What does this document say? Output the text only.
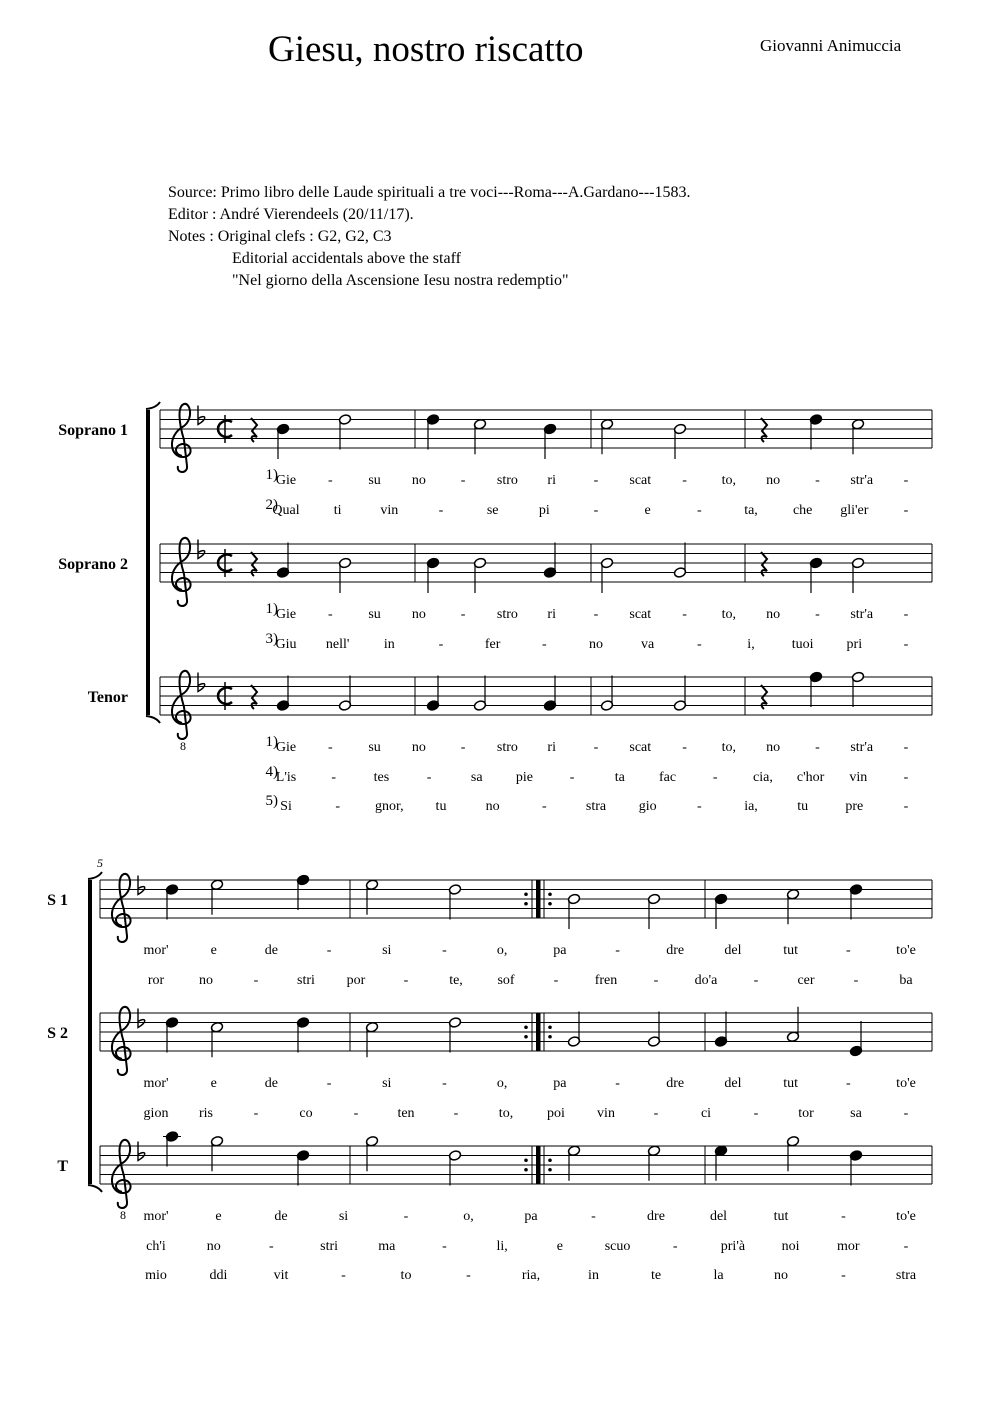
Giesu, nostro riscatto	Giovanni Animuccia
Source: Primo libro delle Laude spirituali a tre voci---Roma---A.Gardano---1583.
Editor : André Vierendeels (20/11/17).
Notes : Original clefs : G2, G2, C3
Editorial accidentals above the staff
"Nel giorno della Ascensione Iesu nostra redemptio"
8
8
Soprano 1
1)
Gie -	su no - stro ri	- scat - to, no - str'a -
2)
Qual ti	vin	-	se	pi	-	e	-	ta,	che gli'er	-
Soprano 2
1)
Gie -	su no - stro ri	- scat - to, no - str'a -
3)
Giu nell' in	-	fer	-	no	va	-	i,	tuoi pri	-
Tenor
1)
Gie -	su no - stro ri	- scat - to, no - str'a -
4)
L'is	-	tes	-	sa pie	-	ta fac	-	cia, c'hor vin	-
5) Si	-	gnor, tu	no	-	stra gio	-	ia,	tu	pre	-
5
S 1
mor'	e	de	-	si	-	o,	pa	-	dre	del	tut	-	to'e
ror no	-	stri por	-	te, sof	-	fren	-	do'a	-	cer	-	ba
S 2
mor'	e	de	-	si	-	o,	pa	-	dre	del	tut	-	to'e
gion ris	-	co	-	ten	-	to, poi vin	-	ci	-	tor	sa	-
T
mor'	e	de	si	-	o,	pa	-	dre	del	tut	-	to'e
ch'i	no	-	stri	ma	-	li,	e	scuo	-	pri'à	noi	mor	-
mio	ddi	vit	-	to	-	ria,	in	te	la	no	-	stra
